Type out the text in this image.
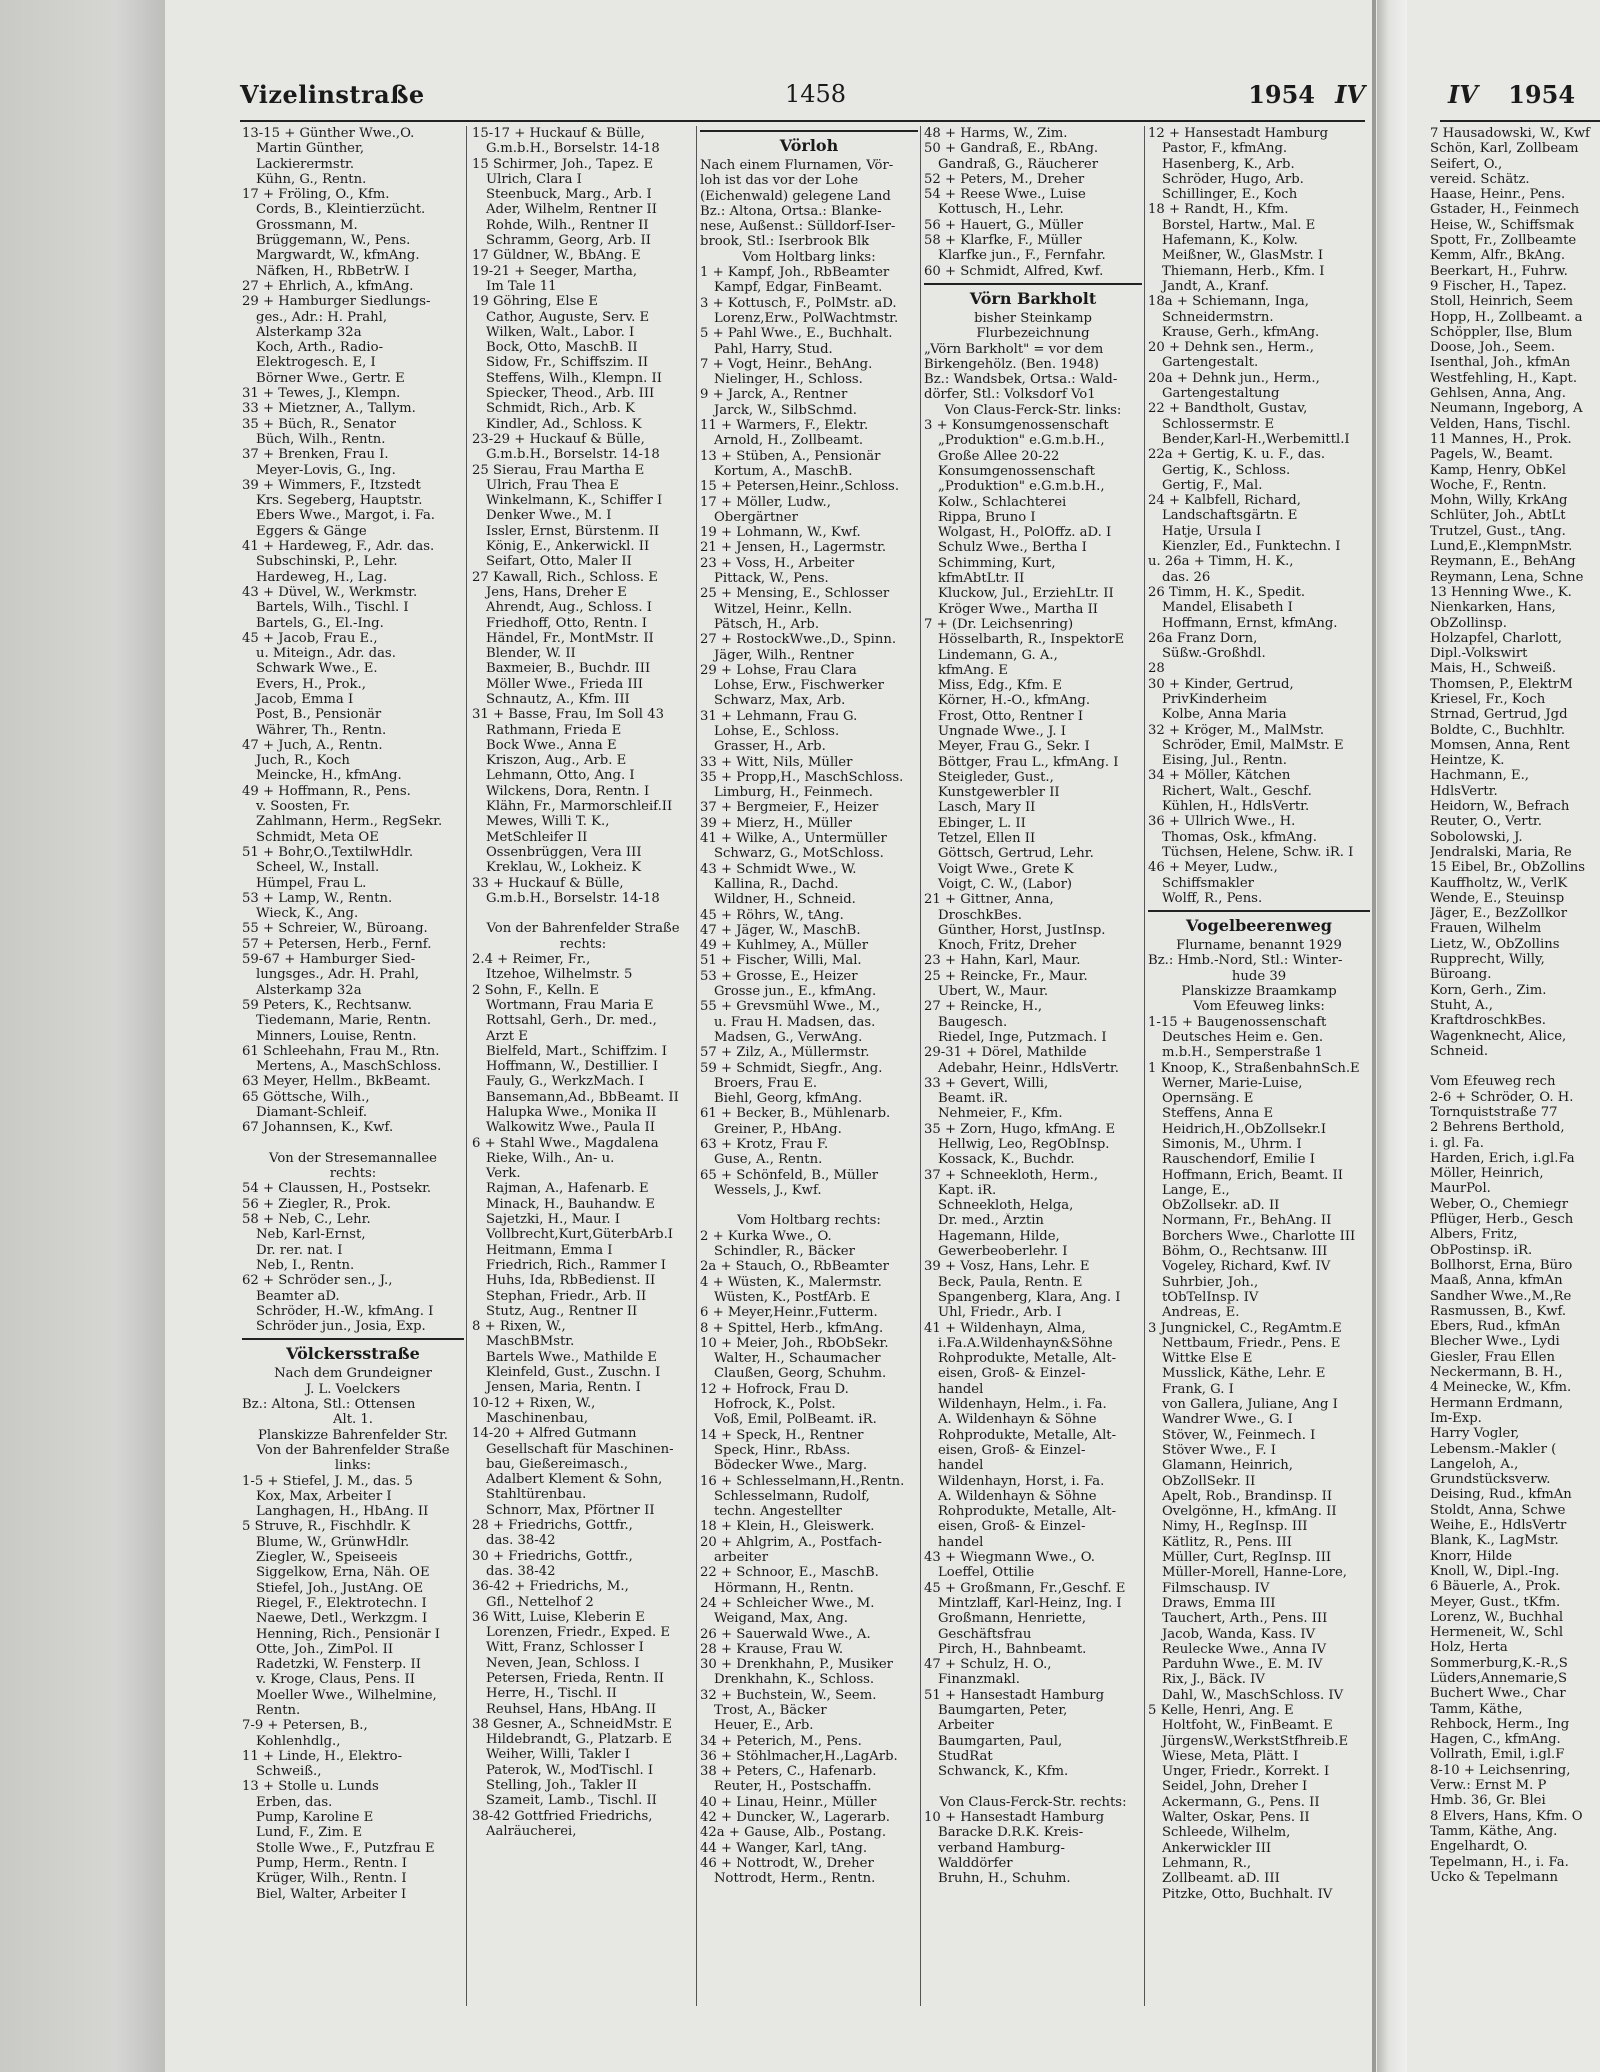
Vizelinstraße	1458	1954 IV
13-15 + Günther Wwe.,O.
Martin Günther,
Lackierermstr.
Kühn, G., Rentn.
17 + Fröling, O., Kfm.
Cords, B., Kleintierzücht.
Grossmann, M.
Brüggemann, W., Pens.
Margwardt, W., kfmAng.
Näfken, H., RbBetrW. I
27 + Ehrlich, A., kfmAng.
29 + Hamburger Siedlungs-
ges., Adr.: H. Prahl,
Alsterkamp 32a
Koch, Arth., Radio-
Elektrogesch. E, I
Börner Wwe., Gertr. E
31 + Tewes, J., Klempn.
33 + Mietzner, A., Tallym.
35 + Büch, R., Senator
Büch, Wilh., Rentn.
37 + Brenken, Frau I.
Meyer-Lovis, G., Ing.
39 + Wimmers, F., Itzstedt
Krs. Segeberg, Hauptstr.
Ebers Wwe., Margot, i. Fa.
Eggers & Gänge
41 + Hardeweg, F., Adr. das.
Subschinski, P., Lehr.
Hardeweg, H., Lag.
43 + Düvel, W., Werkmstr.
Bartels, Wilh., Tischl. I
Bartels, G., El.-Ing.
45 + Jacob, Frau E.,
u. Miteign., Adr. das.
Schwark Wwe., E.
Evers, H., Prok.,
Jacob, Emma I
Post, B., Pensionär
Währer, Th., Rentn.
47 + Juch, A., Rentn.
Juch, R., Koch
Meincke, H., kfmAng.
49 + Hoffmann, R., Pens.
v. Soosten, Fr.
Zahlmann, Herm., RegSekr.
Schmidt, Meta OE
51 + Bohr,O.,TextilwHdlr.
Scheel, W., Install.
Hümpel, Frau L.
53 + Lamp, W., Rentn.
Wieck, K., Ang.
55 + Schreier, W., Büroang.
57 + Petersen, Herb., Fernf.
59-67 + Hamburger Sied-
lungsges., Adr. H. Prahl,
Alsterkamp 32a
59 Peters, K., Rechtsanw.
Tiedemann, Marie, Rentn.
Minners, Louise, Rentn.
61 Schleehahn, Frau M., Rtn.
Mertens, A., MaschSchloss.
63 Meyer, Hellm., BkBeamt.
65 Göttsche, Wilh.,
Diamant-Schleif.
67 Johannsen, K., Kwf.

Von der Stresemannallee
rechts:
54 + Claussen, H., Postsekr.
56 + Ziegler, R., Prok.
58 + Neb, C., Lehr.
Neb, Karl-Ernst,
Dr. rer. nat. I
Neb, I., Rentn.
62 + Schröder sen., J.,
Beamter aD.
Schröder, H.-W., kfmAng. I
Schröder jun., Josia, Exp.
Völckersstraße
Nach dem Grundeigner
J. L. Voelckers
Bz.: Altona, Stl.: Ottensen
Alt. 1.
Planskizze Bahrenfelder Str.
Von der Bahrenfelder Straße
links:
1-5 + Stiefel, J. M., das. 5
Kox, Max, Arbeiter I
Langhagen, H., HbAng. II
5 Struve, R., Fischhdlr. K
Blume, W., GrünwHdlr.
Ziegler, W., Speiseeis
Siggelkow, Erna, Näh. OE
Stiefel, Joh., JustAng. OE
Riegel, F., Elektrotechn. I
Naewe, Detl., Werkzgm. I
Henning, Rich., Pensionär I
Otte, Joh., ZimPol. II
Radetzki, W. Fensterp. II
v. Kroge, Claus, Pens. II
Moeller Wwe., Wilhelmine,
Rentn.
7-9 + Petersen, B.,
Kohlenhdlg.,
11 + Linde, H., Elektro-
Schweiß.,
13 + Stolle u. Lunds
Erben, das.
Pump, Karoline E
Lund, F., Zim. E
Stolle Wwe., F., Putzfrau E
Pump, Herm., Rentn. I
Krüger, Wilh., Rentn. I
Biel, Walter, Arbeiter I
15-17 + Huckauf & Bülle,
G.m.b.H., Borselstr. 14-18
15 Schirmer, Joh., Tapez. E
Ulrich, Clara I
Steenbuck, Marg., Arb. I
Ader, Wilhelm, Rentner II
Rohde, Wilh., Rentner II
Schramm, Georg, Arb. II
17 Güldner, W., BbAng. E
19-21 + Seeger, Martha,
Im Tale 11
19 Göhring, Else E
Cathor, Auguste, Serv. E
Wilken, Walt., Labor. I
Bock, Otto, MaschB. II
Sidow, Fr., Schiffszim. II
Steffens, Wilh., Klempn. II
Spiecker, Theod., Arb. III
Schmidt, Rich., Arb. K
Kindler, Ad., Schloss. K
23-29 + Huckauf & Bülle,
G.m.b.H., Borselstr. 14-18
25 Sierau, Frau Martha E
Ulrich, Frau Thea E
Winkelmann, K., Schiffer I
Denker Wwe., M. I
Issler, Ernst, Bürstenm. II
König, E., Ankerwickl. II
Seifart, Otto, Maler II
27 Kawall, Rich., Schloss. E
Jens, Hans, Dreher E
Ahrendt, Aug., Schloss. I
Friedhoff, Otto, Rentn. I
Händel, Fr., MontMstr. II
Blender, W. II
Baxmeier, B., Buchdr. III
Möller Wwe., Frieda III
Schnautz, A., Kfm. III
31 + Basse, Frau, Im Soll 43
Rathmann, Frieda E
Bock Wwe., Anna E
Kriszon, Aug., Arb. E
Lehmann, Otto, Ang. I
Wilckens, Dora, Rentn. I
Klähn, Fr., Marmorschleif.II
Mewes, Willi T. K.,
MetSchleifer II
Ossenbrüggen, Vera III
Kreklau, W., Lokheiz. K
33 + Huckauf & Bülle,
G.m.b.H., Borselstr. 14-18

Von der Bahrenfelder Straße
rechts:
2.4 + Reimer, Fr.,
Itzehoe, Wilhelmstr. 5
2 Sohn, F., Kelln. E
Wortmann, Frau Maria E
Rottsahl, Gerh., Dr. med.,
Arzt E
Bielfeld, Mart., Schiffzim. I
Hoffmann, W., Destillier. I
Fauly, G., WerkzMach. I
Bansemann,Ad., BbBeamt. II
Halupka Wwe., Monika II
Walkowitz Wwe., Paula II
6 + Stahl Wwe., Magdalena
Rieke, Wilh., An- u.
Verk.
Rajman, A., Hafenarb. E
Minack, H., Bauhandw. E
Sajetzki, H., Maur. I
Vollbrecht,Kurt,GüterbArb.I
Heitmann, Emma I
Friedrich, Rich., Rammer I
Huhs, Ida, RbBedienst. II
Stephan, Friedr., Arb. II
Stutz, Aug., Rentner II
8 + Rixen, W.,
MaschBMstr.
Bartels Wwe., Mathilde E
Kleinfeld, Gust., Zuschn. I
Jensen, Maria, Rentn. I
10-12 + Rixen, W.,
Maschinenbau,
14-20 + Alfred Gutmann
Gesellschaft für Maschinen-
bau, Gießereimasch.,
Adalbert Klement & Sohn,
Stahltürenbau.
Schnorr, Max, Pförtner II
28 + Friedrichs, Gottfr.,
das. 38-42
30 + Friedrichs, Gottfr.,
das. 38-42
36-42 + Friedrichs, M.,
Gfl., Nettelhof 2
36 Witt, Luise, Kleberin E
Lorenzen, Friedr., Exped. E
Witt, Franz, Schlosser I
Neven, Jean, Schloss. I
Petersen, Frieda, Rentn. II
Herre, H., Tischl. II
Reuhsel, Hans, HbAng. II
38 Gesner, A., SchneidMstr. E
Hildebrandt, G., Platzarb. E
Weiher, Willi, Takler I
Paterok, W., ModTischl. I
Stelling, Joh., Takler II
Szameit, Lamb., Tischl. II
38-42 Gottfried Friedrichs,
Aalräucherei,
Vörloh
Nach einem Flurnamen, Vör-
loh ist das vor der Lohe
(Eichenwald) gelegene Land
Bz.: Altona, Ortsa.: Blanke-
nese, Außenst.: Sülldorf-Iser-
brook, Stl.: Iserbrook Blk
Vom Holtbarg links:
1 + Kampf, Joh., RbBeamter
Kampf, Edgar, FinBeamt.
3 + Kottusch, F., PolMstr. aD.
Lorenz,Erw., PolWachtmstr.
5 + Pahl Wwe., E., Buchhalt.
Pahl, Harry, Stud.
7 + Vogt, Heinr., BehAng.
Nielinger, H., Schloss.
9 + Jarck, A., Rentner
Jarck, W., SilbSchmd.
11 + Warmers, F., Elektr.
Arnold, H., Zollbeamt.
13 + Stüben, A., Pensionär
Kortum, A., MaschB.
15 + Petersen,Heinr.,Schloss.
17 + Möller, Ludw.,
Obergärtner
19 + Lohmann, W., Kwf.
21 + Jensen, H., Lagermstr.
23 + Voss, H., Arbeiter
Pittack, W., Pens.
25 + Mensing, E., Schlosser
Witzel, Heinr., Kelln.
Pätsch, H., Arb.
27 + RostockWwe.,D., Spinn.
Jäger, Wilh., Rentner
29 + Lohse, Frau Clara
Lohse, Erw., Fischwerker
Schwarz, Max, Arb.
31 + Lehmann, Frau G.
Lohse, E., Schloss.
Grasser, H., Arb.
33 + Witt, Nils, Müller
35 + Propp,H., MaschSchloss.
Limburg, H., Feinmech.
37 + Bergmeier, F., Heizer
39 + Mierz, H., Müller
41 + Wilke, A., Untermüller
Schwarz, G., MotSchloss.
43 + Schmidt Wwe., W.
Kallina, R., Dachd.
Wildner, H., Schneid.
45 + Röhrs, W., tAng.
47 + Jäger, W., MaschB.
49 + Kuhlmey, A., Müller
51 + Fischer, Willi, Mal.
53 + Grosse, E., Heizer
Grosse jun., E., kfmAng.
55 + Grevsmühl Wwe., M.,
u. Frau H. Madsen, das.
Madsen, G., VerwAng.
57 + Zilz, A., Müllermstr.
59 + Schmidt, Siegfr., Ang.
Broers, Frau E.
Biehl, Georg, kfmAng.
61 + Becker, B., Mühlenarb.
Greiner, P., HbAng.
63 + Krotz, Frau F.
Guse, A., Rentn.
65 + Schönfeld, B., Müller
Wessels, J., Kwf.

Vom Holtbarg rechts:
2 + Kurka Wwe., O.
Schindler, R., Bäcker
2a + Stauch, O., RbBeamter
4 + Wüsten, K., Malermstr.
Wüsten, K., PostfArb. E
6 + Meyer,Heinr.,Futterm.
8 + Spittel, Herb., kfmAng.
10 + Meier, Joh., RbObSekr.
Walter, H., Schaumacher
Claußen, Georg, Schuhm.
12 + Hofrock, Frau D.
Hofrock, K., Polst.
Voß, Emil, PolBeamt. iR.
14 + Speck, H., Rentner
Speck, Hinr., RbAss.
Bödecker Wwe., Marg.
16 + Schlesselmann,H.,Rentn.
Schlesselmann, Rudolf,
techn. Angestellter
18 + Klein, H., Gleiswerk.
20 + Ahlgrim, A., Postfach-
arbeiter
22 + Schnoor, E., MaschB.
Hörmann, H., Rentn.
24 + Schleicher Wwe., M.
Weigand, Max, Ang.
26 + Sauerwald Wwe., A.
28 + Krause, Frau W.
30 + Drenkhahn, P., Musiker
Drenkhahn, K., Schloss.
32 + Buchstein, W., Seem.
Trost, A., Bäcker
Heuer, E., Arb.
34 + Peterich, M., Pens.
36 + Stöhlmacher,H.,LagArb.
38 + Peters, C., Hafenarb.
Reuter, H., Postschaffn.
40 + Linau, Heinr., Müller
42 + Duncker, W., Lagerarb.
42a + Gause, Alb., Postang.
44 + Wanger, Karl, tAng.
46 + Nottrodt, W., Dreher
Nottrodt, Herm., Rentn.
48 + Harms, W., Zim.
50 + Gandraß, E., RbAng.
Gandraß, G., Räucherer
52 + Peters, M., Dreher
54 + Reese Wwe., Luise
Kottusch, H., Lehr.
56 + Hauert, G., Müller
58 + Klarfke, F., Müller
Klarfke jun., F., Fernfahr.
60 + Schmidt, Alfred, Kwf.
Vörn Barkholt
bisher Steinkamp
Flurbezeichnung
„Vörn Barkholt" = vor dem
Birkengehölz. (Ben. 1948)
Bz.: Wandsbek, Ortsa.: Wald-
dörfer, Stl.: Volksdorf Vo1
Von Claus-Ferck-Str. links:
3 + Konsumgenossenschaft
„Produktion" e.G.m.b.H.,
Große Allee 20-22
Konsumgenossenschaft
„Produktion" e.G.m.b.H.,
Kolw., Schlachterei
Rippa, Bruno I
Wolgast, H., PolOffz. aD. I
Schulz Wwe., Bertha I
Schimming, Kurt,
kfmAbtLtr. II
Kluckow, Jul., ErziehLtr. II
Kröger Wwe., Martha II
7 + (Dr. Leichsenring)
Hösselbarth, R., InspektorE
Lindemann, G. A.,
kfmAng. E
Miss, Edg., Kfm. E
Körner, H.-O., kfmAng.
Frost, Otto, Rentner I
Ungnade Wwe., J. I
Meyer, Frau G., Sekr. I
Böttger, Frau L., kfmAng. I
Steigleder, Gust.,
Kunstgewerbler II
Lasch, Mary II
Ebinger, L. II
Tetzel, Ellen II
Göttsch, Gertrud, Lehr.
Voigt Wwe., Grete K
Voigt, C. W., (Labor)
21 + Gittner, Anna,
DroschkBes.
Günther, Horst, JustInsp.
Knoch, Fritz, Dreher
23 + Hahn, Karl, Maur.
25 + Reincke, Fr., Maur.
Ubert, W., Maur.
27 + Reincke, H.,
Baugesch.
Riedel, Inge, Putzmach. I
29-31 + Dörel, Mathilde
Adebahr, Heinr., HdlsVertr.
33 + Gevert, Willi,
Beamt. iR.
Nehmeier, F., Kfm.
35 + Zorn, Hugo, kfmAng. E
Hellwig, Leo, RegObInsp.
Kossack, K., Buchdr.
37 + Schneekloth, Herm.,
Kapt. iR.
Schneekloth, Helga,
Dr. med., Ärztin
Hagemann, Hilde,
Gewerbeoberlehr. I
39 + Vosz, Hans, Lehr. E
Beck, Paula, Rentn. E
Spangenberg, Klara, Ang. I
Uhl, Friedr., Arb. I
41 + Wildenhayn, Alma,
i.Fa.A.Wildenhayn&Söhne
Rohprodukte, Metalle, Alt-
eisen, Groß- & Einzel-
handel
Wildenhayn, Helm., i. Fa.
A. Wildenhayn & Söhne
Rohprodukte, Metalle, Alt-
eisen, Groß- & Einzel-
handel
Wildenhayn, Horst, i. Fa.
A. Wildenhayn & Söhne
Rohprodukte, Metalle, Alt-
eisen, Groß- & Einzel-
handel
43 + Wiegmann Wwe., O.
Loeffel, Ottilie
45 + Großmann, Fr.,Geschf. E
Mintzlaff, Karl-Heinz, Ing. I
Großmann, Henriette,
Geschäftsfrau
Pirch, H., Bahnbeamt.
47 + Schulz, H. O.,
Finanzmakl.
51 + Hansestadt Hamburg
Baumgarten, Peter,
Arbeiter
Baumgarten, Paul,
StudRat
Schwanck, K., Kfm.

Von Claus-Ferck-Str. rechts:
10 + Hansestadt Hamburg
Baracke D.R.K. Kreis-
verband Hamburg-
Walddörfer
Bruhn, H., Schuhm.
12 + Hansestadt Hamburg
Pastor, F., kfmAng.
Hasenberg, K., Arb.
Schröder, Hugo, Arb.
Schillinger, E., Koch
18 + Randt, H., Kfm.
Borstel, Hartw., Mal. E
Hafemann, K., Kolw.
Meißner, W., GlasMstr. I
Thiemann, Herb., Kfm. I
Jandt, A., Kranf.
18a + Schiemann, Inga,
Schneidermstrn.
Krause, Gerh., kfmAng.
20 + Dehnk sen., Herm.,
Gartengestalt.
20a + Dehnk jun., Herm.,
Gartengestaltung
22 + Bandtholt, Gustav,
Schlossermstr. E
Bender,Karl-H.,Werbemittl.I
22a + Gertig, K. u. F., das.
Gertig, K., Schloss.
Gertig, F., Mal.
24 + Kalbfell, Richard,
Landschaftsgärtn. E
Hatje, Ursula I
Kienzler, Ed., Funktechn. I
u. 26a + Timm, H. K.,
das. 26
26 Timm, H. K., Spedit.
Mandel, Elisabeth I
Hoffmann, Ernst, kfmAng.
26a Franz Dorn,
Süßw.-Großhdl.
28
30 + Kinder, Gertrud,
PrivKinderheim
Kolbe, Anna Maria
32 + Kröger, M., MalMstr.
Schröder, Emil, MalMstr. E
Eising, Jul., Rentn.
34 + Möller, Kätchen
Richert, Walt., Geschf.
Kühlen, H., HdlsVertr.
36 + Ullrich Wwe., H.
Thomas, Osk., kfmAng.
Tüchsen, Helene, Schw. iR. I
46 + Meyer, Ludw.,
Schiffsmakler
Wolff, R., Pens.
Vogelbeerenweg
Flurname, benannt 1929
Bz.: Hmb.-Nord, Stl.: Winter-
hude 39
Planskizze Braamkamp
Vom Efeuweg links:
1-15 + Baugenossenschaft
Deutsches Heim e. Gen.
m.b.H., Semperstraße 1
1 Knoop, K., StraßenbahnSch.E
Werner, Marie-Luise,
Opernsäng. E
Steffens, Anna E
Heidrich,H.,ObZollsekr.I
Simonis, M., Uhrm. I
Rauschendorf, Emilie I
Hoffmann, Erich, Beamt. II
Lange, E.,
ObZollsekr. aD. II
Normann, Fr., BehAng. II
Borchers Wwe., Charlotte III
Böhm, O., Rechtsanw. III
Vogeley, Richard, Kwf. IV
Suhrbier, Joh.,
tObTelInsp. IV
Andreas, E.
3 Jungnickel, C., RegAmtm.E
Nettbaum, Friedr., Pens. E
Wittke Else E
Musslick, Käthe, Lehr. E
Frank, G. I
von Gallera, Juliane, Ang I
Wandrer Wwe., G. I
Stöver, W., Feinmech. I
Stöver Wwe., F. I
Glamann, Heinrich,
ObZollSekr. II
Apelt, Rob., Brandinsp. II
Ovelgönne, H., kfmAng. II
Nimy, H., RegInsp. III
Kätlitz, R., Pens. III
Müller, Curt, RegInsp. III
Müller-Morell, Hanne-Lore,
Filmschausp. IV
Draws, Emma III
Tauchert, Arth., Pens. III
Jacob, Wanda, Kass. IV
Reulecke Wwe., Anna IV
Parduhn Wwe., E. M. IV
Rix, J., Bäck. IV
Dahl, W., MaschSchloss. IV
5 Kelle, Henri, Ang. E
Holtfoht, W., FinBeamt. E
JürgensW.,WerkstStfhreib.E
Wiese, Meta, Plätt. I
Unger, Friedr., Korrekt. I
Seidel, John, Dreher I
Ackermann, G., Pens. II
Walter, Oskar, Pens. II
Schleede, Wilhelm,
Ankerwickler III
Lehmann, R.,
Zollbeamt. aD. III
Pitzke, Otto, Buchhalt. IV
IV 1954
7 Hausadowski, W., Kwf
Schön, Karl, Zollbeam
Seifert, O.,
vereid. Schätz.
Haase, Heinr., Pens.
Gstader, H., Feinmech
Heise, W., Schiffsmak
Spott, Fr., Zollbeamte
Kemm, Alfr., BkAng.
Beerkart, H., Fuhrw.
9 Fischer, H., Tapez.
Stoll, Heinrich, Seem
Hopp, H., Zollbeamt. a
Schöppler, Ilse, Blum
Doose, Joh., Seem.
Isenthal, Joh., kfmAn
Westfehling, H., Kapt.
Gehlsen, Anna, Ang.
Neumann, Ingeborg, A
Velden, Hans, Tischl.
11 Mannes, H., Prok.
Pagels, W., Beamt.
Kamp, Henry, ObKel
Woche, F., Rentn.
Mohn, Willy, KrkAng
Schlüter, Joh., AbtLt
Trutzel, Gust., tAng.
Lund,E.,KlempnMstr.
Reymann, E., BehAng
Reymann, Lena, Schne
13 Henning Wwe., K.
Nienkarken, Hans,
ObZollinsp.
Holzapfel, Charlott,
Dipl.-Volkswirt
Mais, H., Schweiß.
Thomsen, P., ElektrM
Kriesel, Fr., Koch
Strnad, Gertrud, Jgd
Boldte, C., Buchhltr.
Momsen, Anna, Rent
Heintze, K.
Hachmann, E.,
HdlsVertr.
Heidorn, W., Befrach
Reuter, O., Vertr.
Sobolowski, J.
Jendralski, Maria, Re
15 Eibel, Br., ObZollins
Kauffholtz, W., VerlK
Wende, E., Steuinsp
Jäger, E., BezZollkor
Frauen, Wilhelm
Lietz, W., ObZollins
Rupprecht, Willy,
Büroang.
Korn, Gerh., Zim.
Stuht, A.,
KraftdroschkBes.
Wagenknecht, Alice,
Schneid.

Vom Efeuweg rech
2-6 + Schröder, O. H.
Tornquiststraße 77
2 Behrens Berthold,
i. gl. Fa.
Harden, Erich, i.gl.Fa
Möller, Heinrich,
MaurPol.
Weber, O., Chemiegr
Pflüger, Herb., Gesch
Albers, Fritz,
ObPostinsp. iR.
Bollhorst, Erna, Büro
Maaß, Anna, kfmAn
Sandher Wwe.,M.,Re
Rasmussen, B., Kwf.
Ebers, Rud., kfmAn
Blecher Wwe., Lydi
Giesler, Frau Ellen
Neckermann, B. H.,
4 Meinecke, W., Kfm.
Hermann Erdmann,
Im-Exp.
Harry Vogler,
Lebensm.-Makler (
Langeloh, A.,
Grundstücksverw.
Deising, Rud., kfmAn
Stoldt, Anna, Schwe
Weihe, E., HdlsVertr
Blank, K., LagMstr.
Knorr, Hilde
Knoll, W., Dipl.-Ing.
6 Bäuerle, A., Prok.
Meyer, Gust., tKfm.
Lorenz, W., Buchhal
Hermeneit, W., Schl
Holz, Herta
Sommerburg,K.-R.,S
Lüders,Annemarie,S
Buchert Wwe., Char
Tamm, Käthe,
Rehbock, Herm., Ing
Hagen, C., kfmAng.
Vollrath, Emil, i.gl.F
8-10 + Leichsenring,
Verw.: Ernst M. P
Hmb. 36, Gr. Blei
8 Elvers, Hans, Kfm. O
Tamm, Käthe, Ang.
Engelhardt, O.
Tepelmann, H., i. Fa.
Ücko & Tepelmann
